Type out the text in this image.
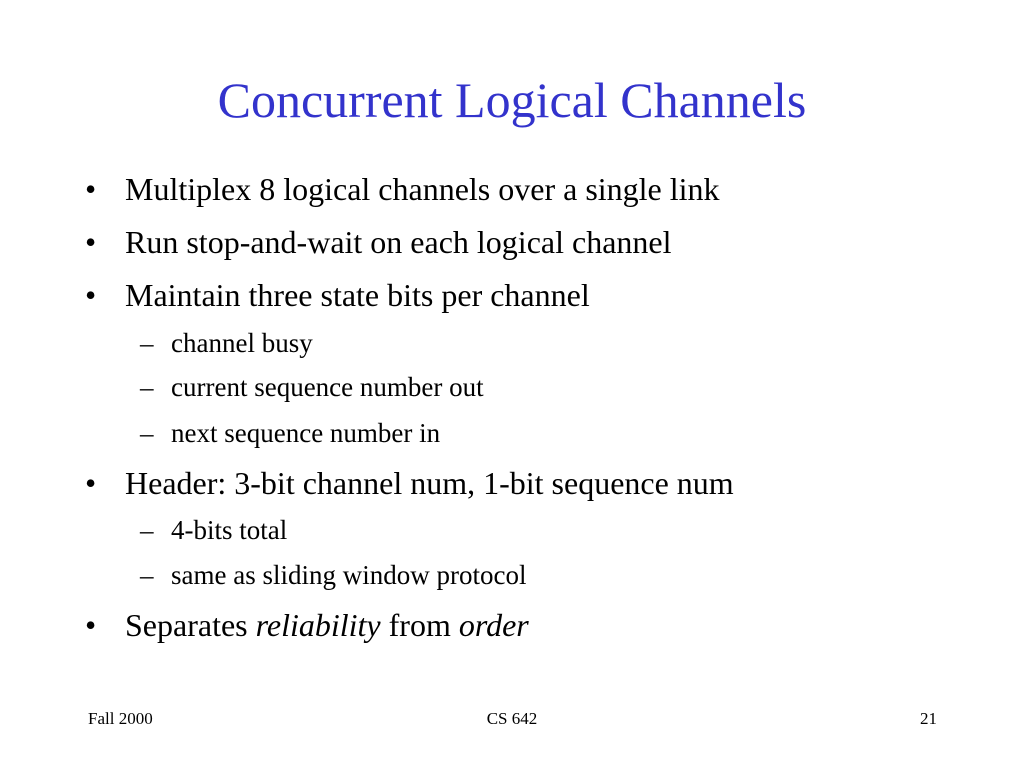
Concurrent Logical Channels
• Multiplex 8 logical channels over a single link
• Run stop-and-wait on each logical channel
• Maintain three state bits per channel
– channel busy
– current sequence number out
– next sequence number in
• Header: 3-bit channel num, 1-bit sequence num
– 4-bits total
– same as sliding window protocol
• Separates reliability from order
Fall 2000	CS 642	21
